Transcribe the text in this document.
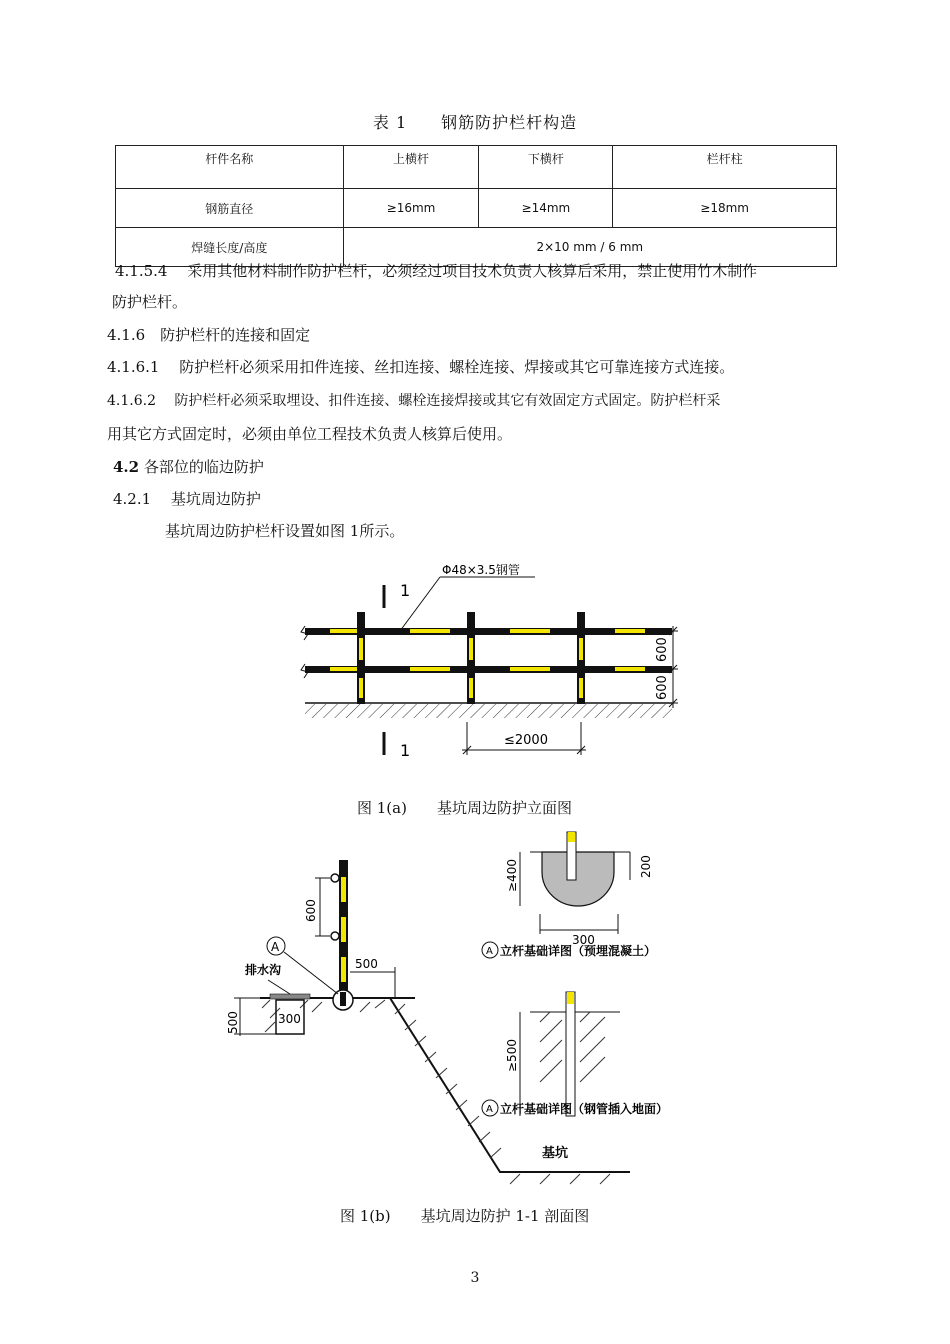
表 1　　钢筋防护栏杆构造
杆件名称	上横杆	下横杆	栏杆柱
钢筋直径	≥16mm	≥14mm	≥18mm
焊缝长度/高度	2×10 mm / 6 mm		
4.1.5.4　 采用其他材料制作防护栏杆，必须经过项目技术负责人核算后采用，禁止使用竹木制作
防护栏杆。
4.1.6　防护栏杆的连接和固定
4.1.6.1　 防护栏杆必须采用扣件连接、丝扣连接、螺栓连接、焊接或其它可靠连接方式连接。
4.1.6.2　 防护栏杆必须采取埋设、扣件连接、螺栓连接焊接或其它有效固定方式固定。防护栏杆采
用其它方式固定时，必须由单位工程技术负责人核算后使用。
4.2 各部位的临边防护
4.2.1　 基坑周边防护
基坑周边防护栏杆设置如图 1所示。
1
1
Φ48×3.5钢管
600
600
≤2000
图 1(a)　　基坑周边防护立面图
300
排水沟
500
600
500
A
基坑
300
≥400	200
A 立杆基础详图（预埋混凝土）
≥500
A 立杆基础详图（钢管插入地面）
图 1(b)　　基坑周边防护 1-1 剖面图
3
